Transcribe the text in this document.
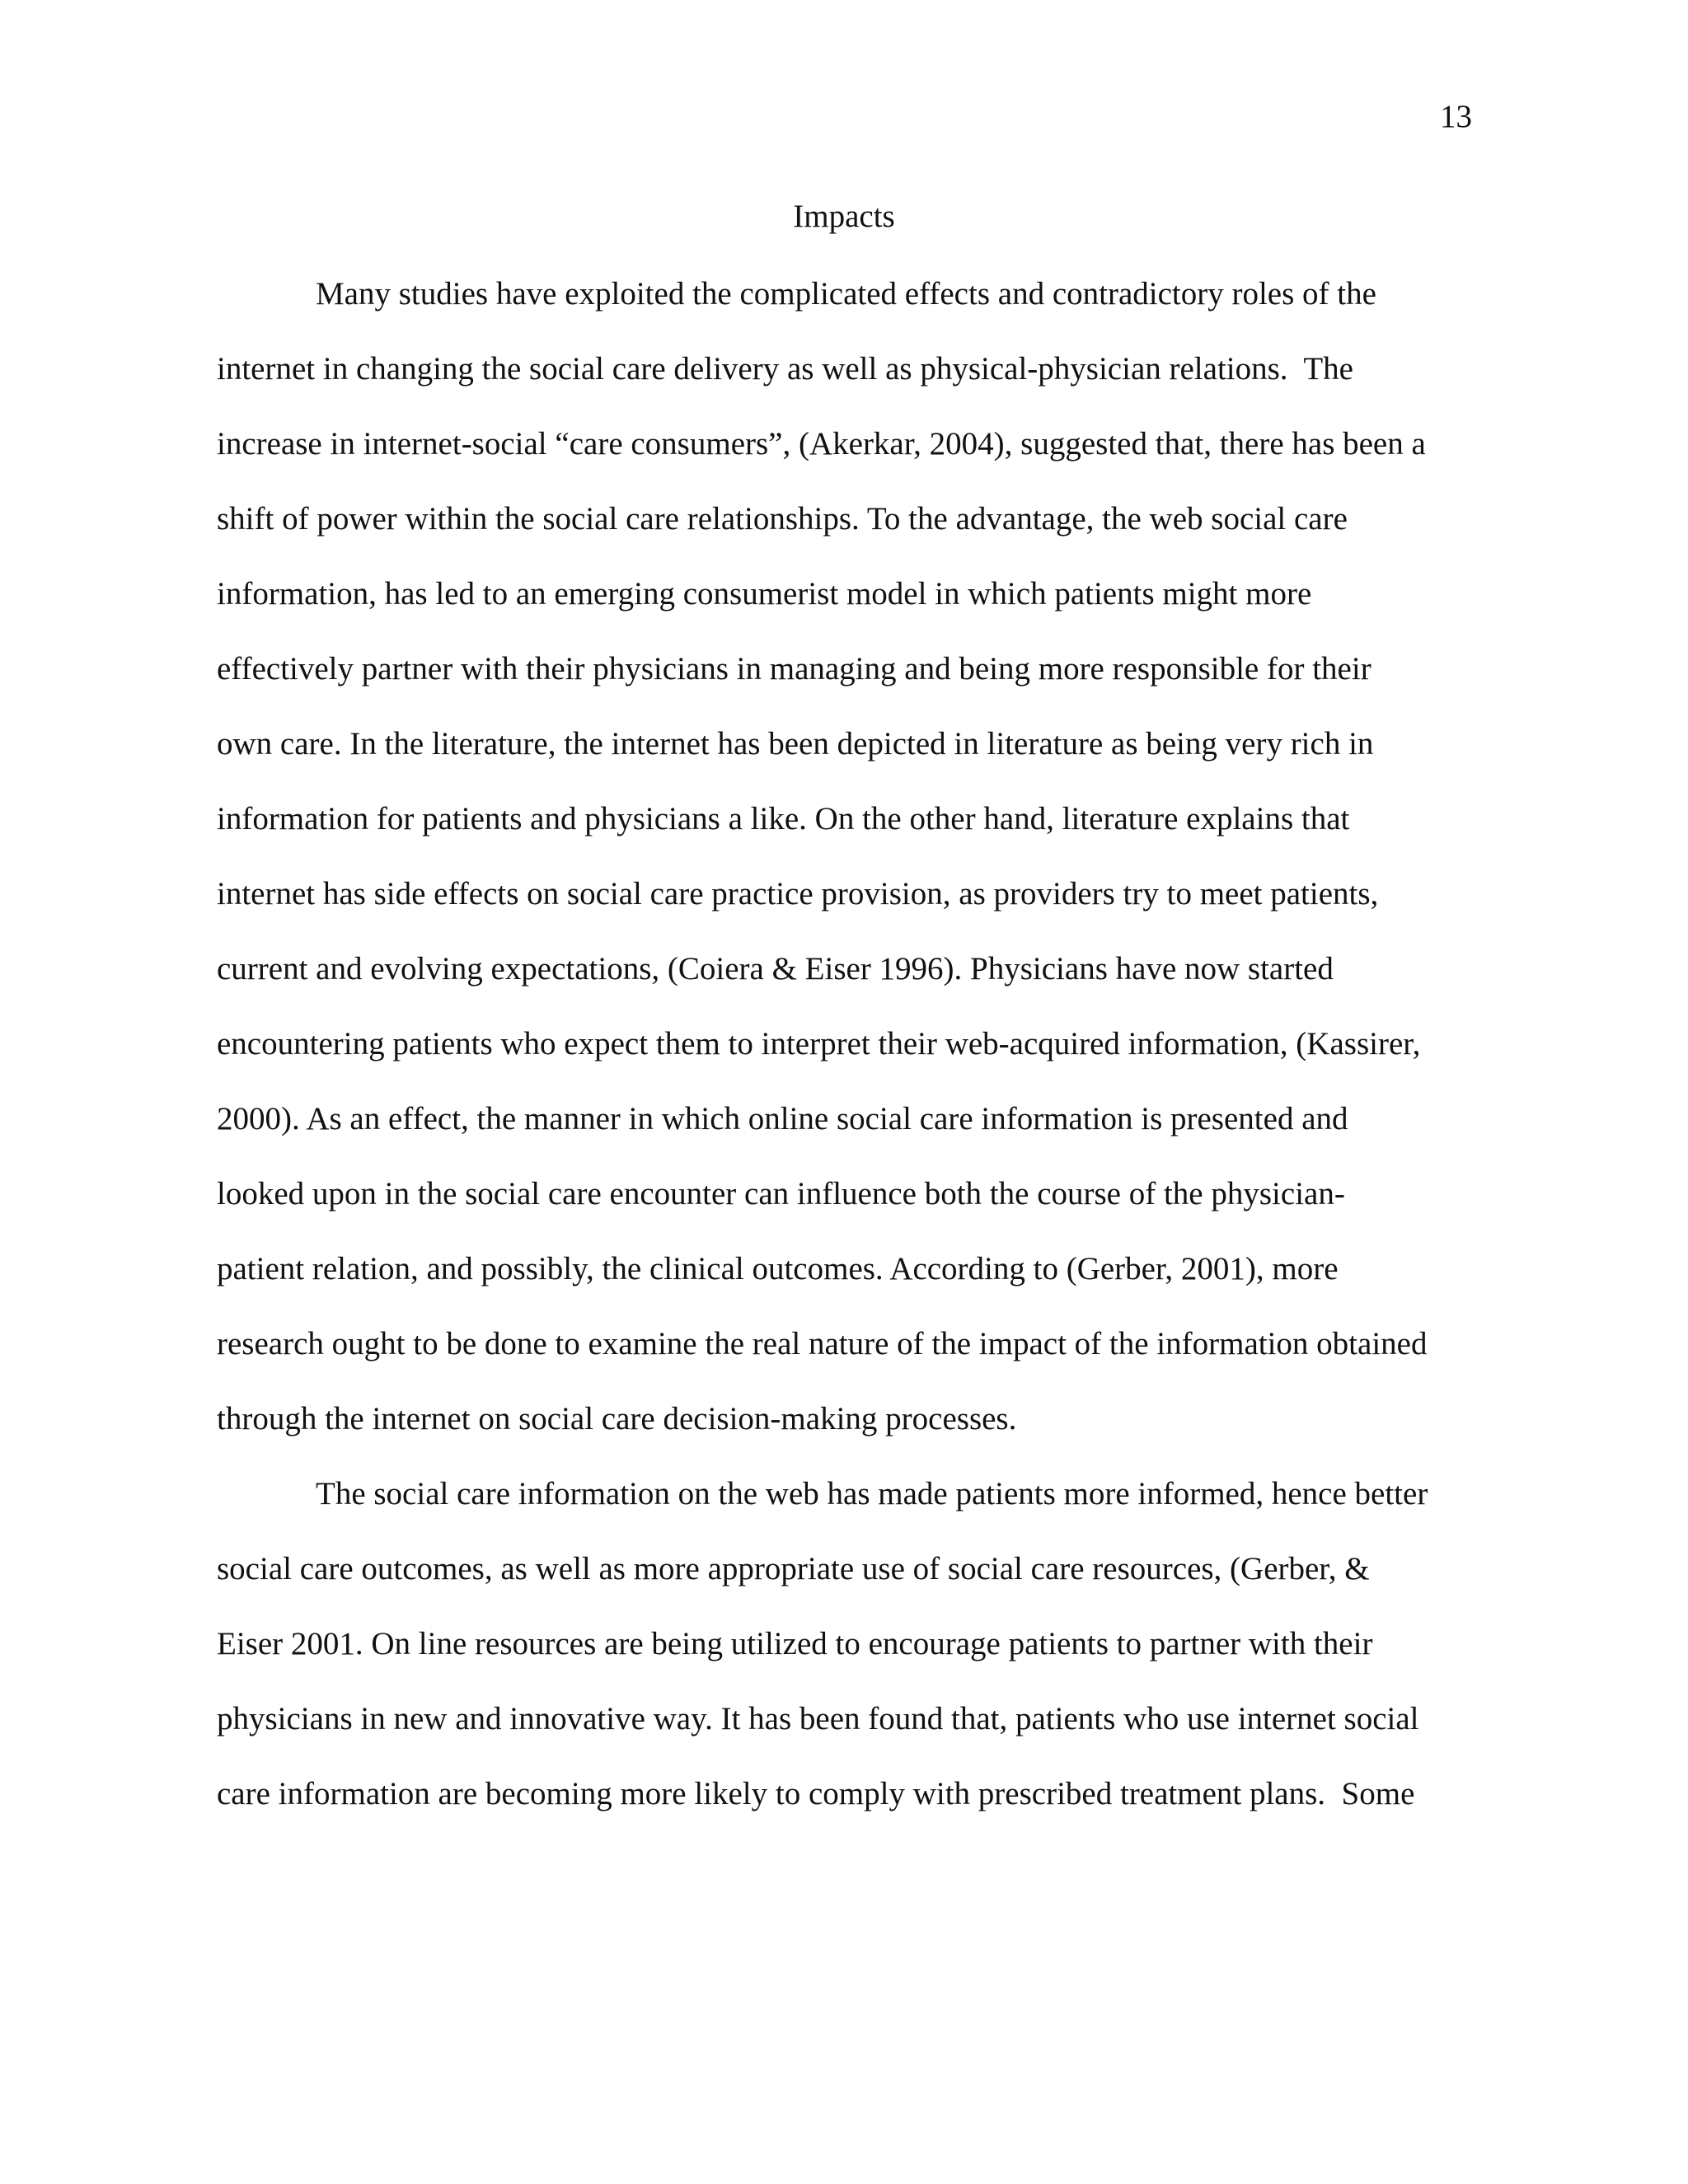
13
Impacts
Many studies have exploited the complicated effects and contradictory roles of the
internet in changing the social care delivery as well as physical-physician relations.  The
increase in internet-social “care consumers”, (Akerkar, 2004), suggested that, there has been a
shift of power within the social care relationships. To the advantage, the web social care
information, has led to an emerging consumerist model in which patients might more
effectively partner with their physicians in managing and being more responsible for their
own care. In the literature, the internet has been depicted in literature as being very rich in
information for patients and physicians a like. On the other hand, literature explains that
internet has side effects on social care practice provision, as providers try to meet patients,
current and evolving expectations, (Coiera & Eiser 1996). Physicians have now started
encountering patients who expect them to interpret their web-acquired information, (Kassirer,
2000). As an effect, the manner in which online social care information is presented and
looked upon in the social care encounter can influence both the course of the physician-
patient relation, and possibly, the clinical outcomes. According to (Gerber, 2001), more
research ought to be done to examine the real nature of the impact of the information obtained
through the internet on social care decision-making processes.
The social care information on the web has made patients more informed, hence better
social care outcomes, as well as more appropriate use of social care resources, (Gerber, &
Eiser 2001. On line resources are being utilized to encourage patients to partner with their
physicians in new and innovative way. It has been found that, patients who use internet social
care information are becoming more likely to comply with prescribed treatment plans.  Some
